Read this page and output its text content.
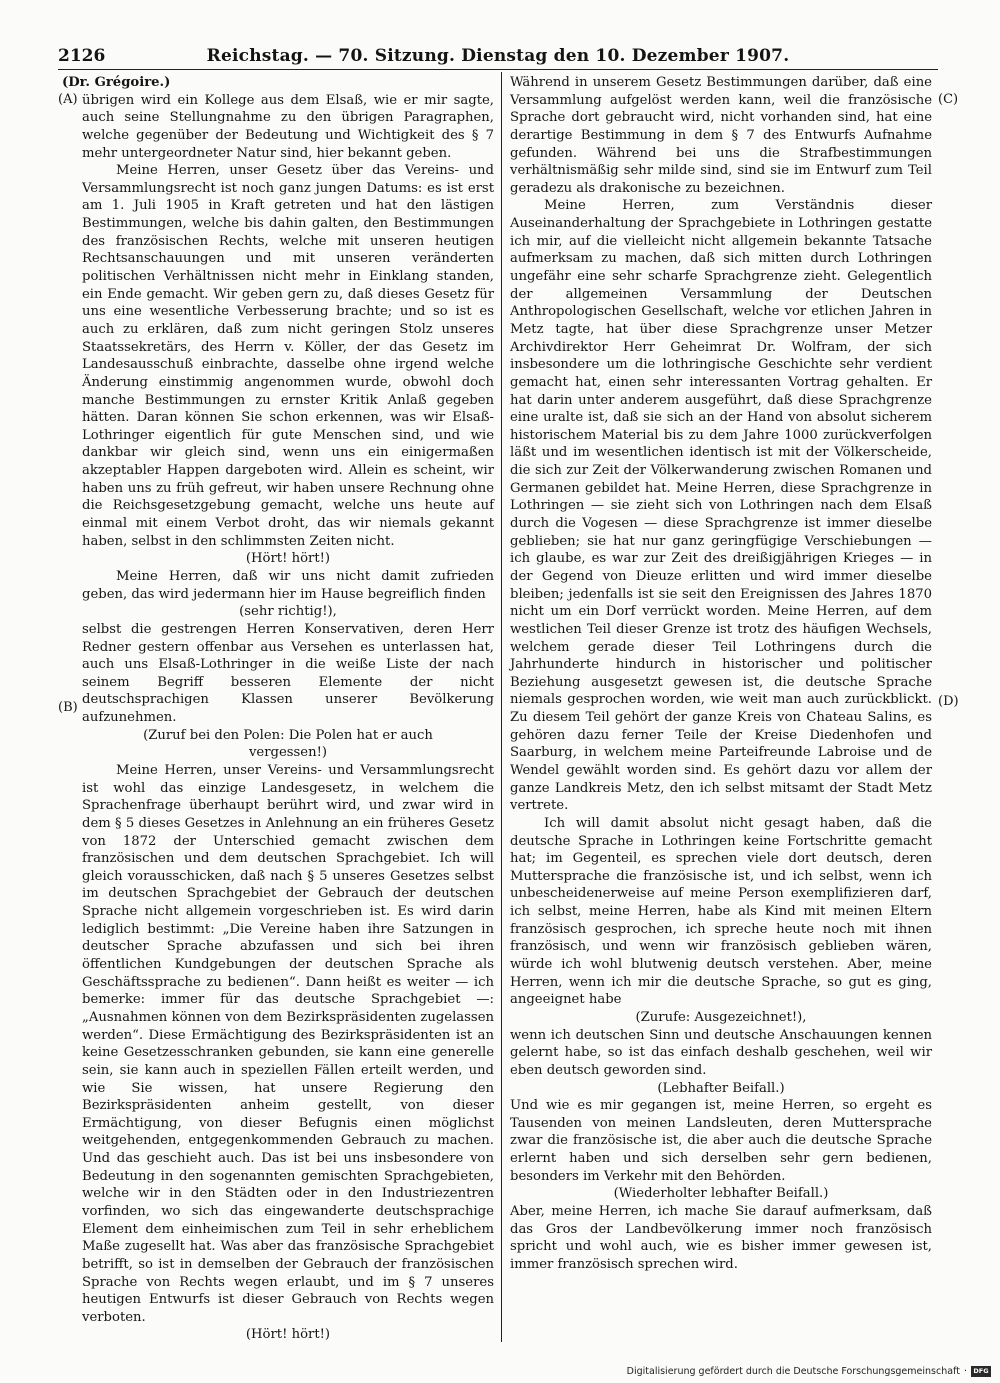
2126	Reichstag. — 70. Sitzung. Dienstag den 10. Dezember 1907.
(A)
(B)
(C)
(D)

(Dr. Grégoire.)

übrigen wird ein Kollege aus dem Elsaß, wie er mir sagte, auch seine Stellungnahme zu den übrigen Paragraphen, welche gegenüber der Bedeutung und Wichtigkeit des § 7 mehr untergeordneter Natur sind, hier bekannt geben.

Meine Herren, unser Gesetz über das Vereins- und Versammlungsrecht ist noch ganz jungen Datums: es ist erst am 1. Juli 1905 in Kraft getreten und hat den lästigen Bestimmungen, welche bis dahin galten, den Bestimmungen des französischen Rechts, welche mit unseren heutigen Rechtsanschauungen und mit unseren veränderten politischen Verhältnissen nicht mehr in Einklang standen, ein Ende gemacht. Wir geben gern zu, daß dieses Gesetz für uns eine wesentliche Verbesserung brachte; und so ist es auch zu erklären, daß zum nicht geringen Stolz unseres Staatssekretärs, des Herrn v. Köller, der das Gesetz im Landesausschuß einbrachte, dasselbe ohne irgend welche Änderung einstimmig angenommen wurde, obwohl doch manche Bestimmungen zu ernster Kritik Anlaß gegeben hätten. Daran können Sie schon erkennen, was wir Elsaß-Lothringer eigentlich für gute Menschen sind, und wie dankbar wir gleich sind, wenn uns ein einigermaßen akzeptabler Happen dargeboten wird. Allein es scheint, wir haben uns zu früh gefreut, wir haben unsere Rechnung ohne die Reichsgesetzgebung gemacht, welche uns heute auf einmal mit einem Verbot droht, das wir niemals gekannt haben, selbst in den schlimmsten Zeiten nicht.

(Hört! hört!)

Meine Herren, daß wir uns nicht damit zufrieden geben, das wird jedermann hier im Hause begreiflich finden

(sehr richtig!),

selbst die gestrengen Herren Konservativen, deren Herr Redner gestern offenbar aus Versehen es unterlassen hat, auch uns Elsaß-Lothringer in die weiße Liste der nach seinem Begriff besseren Elemente der nicht deutschsprachigen Klassen unserer Bevölkerung aufzunehmen.

(Zuruf bei den Polen: Die Polen hat er auch vergessen!)

Meine Herren, unser Vereins- und Versammlungsrecht ist wohl das einzige Landesgesetz, in welchem die Sprachenfrage überhaupt berührt wird, und zwar wird in dem § 5 dieses Gesetzes in Anlehnung an ein früheres Gesetz von 1872 der Unterschied gemacht zwischen dem französischen und dem deutschen Sprachgebiet. Ich will gleich vorausschicken, daß nach § 5 unseres Gesetzes selbst im deutschen Sprachgebiet der Gebrauch der deutschen Sprache nicht allgemein vorgeschrieben ist. Es wird darin lediglich bestimmt: „Die Vereine haben ihre Satzungen in deutscher Sprache abzufassen und sich bei ihren öffentlichen Kundgebungen der deutschen Sprache als Geschäftssprache zu bedienen“. Dann heißt es weiter — ich bemerke: immer für das deutsche Sprachgebiet —: „Ausnahmen können von dem Bezirkspräsidenten zugelassen werden“. Diese Ermächtigung des Bezirkspräsidenten ist an keine Gesetzesschranken gebunden, sie kann eine generelle sein, sie kann auch in speziellen Fällen erteilt werden, und wie Sie wissen, hat unsere Regierung den Bezirkspräsidenten anheim gestellt, von dieser Ermächtigung, von dieser Befugnis einen möglichst weitgehenden, entgegenkommenden Gebrauch zu machen. Und das geschieht auch. Das ist bei uns insbesondere von Bedeutung in den sogenannten gemischten Sprachgebieten, welche wir in den Städten oder in den Industriezentren vorfinden, wo sich das eingewanderte deutschsprachige Element dem einheimischen zum Teil in sehr erheblichem Maße zugesellt hat. Was aber das französische Sprachgebiet betrifft, so ist in demselben der Gebrauch der französischen Sprache von Rechts wegen erlaubt, und im § 7 unseres heutigen Entwurfs ist dieser Gebrauch von Rechts wegen verboten.

(Hört! hört!)

Während in unserem Gesetz Bestimmungen darüber, daß eine Versammlung aufgelöst werden kann, weil die französische Sprache dort gebraucht wird, nicht vorhanden sind, hat eine derartige Bestimmung in dem § 7 des Entwurfs Aufnahme gefunden. Während bei uns die Strafbestimmungen verhältnismäßig sehr milde sind, sind sie im Entwurf zum Teil geradezu als drakonische zu bezeichnen.

Meine Herren, zum Verständnis dieser Auseinanderhaltung der Sprachgebiete in Lothringen gestatte ich mir, auf die vielleicht nicht allgemein bekannte Tatsache aufmerksam zu machen, daß sich mitten durch Lothringen ungefähr eine sehr scharfe Sprachgrenze zieht. Gelegentlich der allgemeinen Versammlung der Deutschen Anthropologischen Gesellschaft, welche vor etlichen Jahren in Metz tagte, hat über diese Sprachgrenze unser Metzer Archivdirektor Herr Geheimrat Dr. Wolfram, der sich insbesondere um die lothringische Geschichte sehr verdient gemacht hat, einen sehr interessanten Vortrag gehalten. Er hat darin unter anderem ausgeführt, daß diese Sprachgrenze eine uralte ist, daß sie sich an der Hand von absolut sicherem historischem Material bis zu dem Jahre 1000 zurückverfolgen läßt und im wesentlichen identisch ist mit der Völkerscheide, die sich zur Zeit der Völkerwanderung zwischen Romanen und Germanen gebildet hat. Meine Herren, diese Sprachgrenze in Lothringen — sie zieht sich von Lothringen nach dem Elsaß durch die Vogesen — diese Sprachgrenze ist immer dieselbe geblieben; sie hat nur ganz geringfügige Verschiebungen — ich glaube, es war zur Zeit des dreißigjährigen Krieges — in der Gegend von Dieuze erlitten und wird immer dieselbe bleiben; jedenfalls ist sie seit den Ereignissen des Jahres 1870 nicht um ein Dorf verrückt worden. Meine Herren, auf dem westlichen Teil dieser Grenze ist trotz des häufigen Wechsels, welchem gerade dieser Teil Lothringens durch die Jahrhunderte hindurch in historischer und politischer Beziehung ausgesetzt gewesen ist, die deutsche Sprache niemals gesprochen worden, wie weit man auch zurückblickt. Zu diesem Teil gehört der ganze Kreis von Chateau Salins, es gehören dazu ferner Teile der Kreise Diedenhofen und Saarburg, in welchem meine Parteifreunde Labroise und de Wendel gewählt worden sind. Es gehört dazu vor allem der ganze Landkreis Metz, den ich selbst mitsamt der Stadt Metz vertrete.

Ich will damit absolut nicht gesagt haben, daß die deutsche Sprache in Lothringen keine Fortschritte gemacht hat; im Gegenteil, es sprechen viele dort deutsch, deren Muttersprache die französische ist, und ich selbst, wenn ich unbescheidenerweise auf meine Person exemplifizieren darf, ich selbst, meine Herren, habe als Kind mit meinen Eltern französisch gesprochen, ich spreche heute noch mit ihnen französisch, und wenn wir französisch geblieben wären, würde ich wohl blutwenig deutsch verstehen. Aber, meine Herren, wenn ich mir die deutsche Sprache, so gut es ging, angeeignet habe

(Zurufe: Ausgezeichnet!),

wenn ich deutschen Sinn und deutsche Anschauungen kennen gelernt habe, so ist das einfach deshalb geschehen, weil wir eben deutsch geworden sind.

(Lebhafter Beifall.)

Und wie es mir gegangen ist, meine Herren, so ergeht es Tausenden von meinen Landsleuten, deren Muttersprache zwar die französische ist, die aber auch die deutsche Sprache erlernt haben und sich derselben sehr gern bedienen, besonders im Verkehr mit den Behörden.

(Wiederholter lebhafter Beifall.)

Aber, meine Herren, ich mache Sie darauf aufmerksam, daß das Gros der Landbevölkerung immer noch französisch spricht und wohl auch, wie es bisher immer gewesen ist, immer französisch sprechen wird.

Digitalisierung gefördert durch die Deutsche Forschungsgemeinschaft · DFG
